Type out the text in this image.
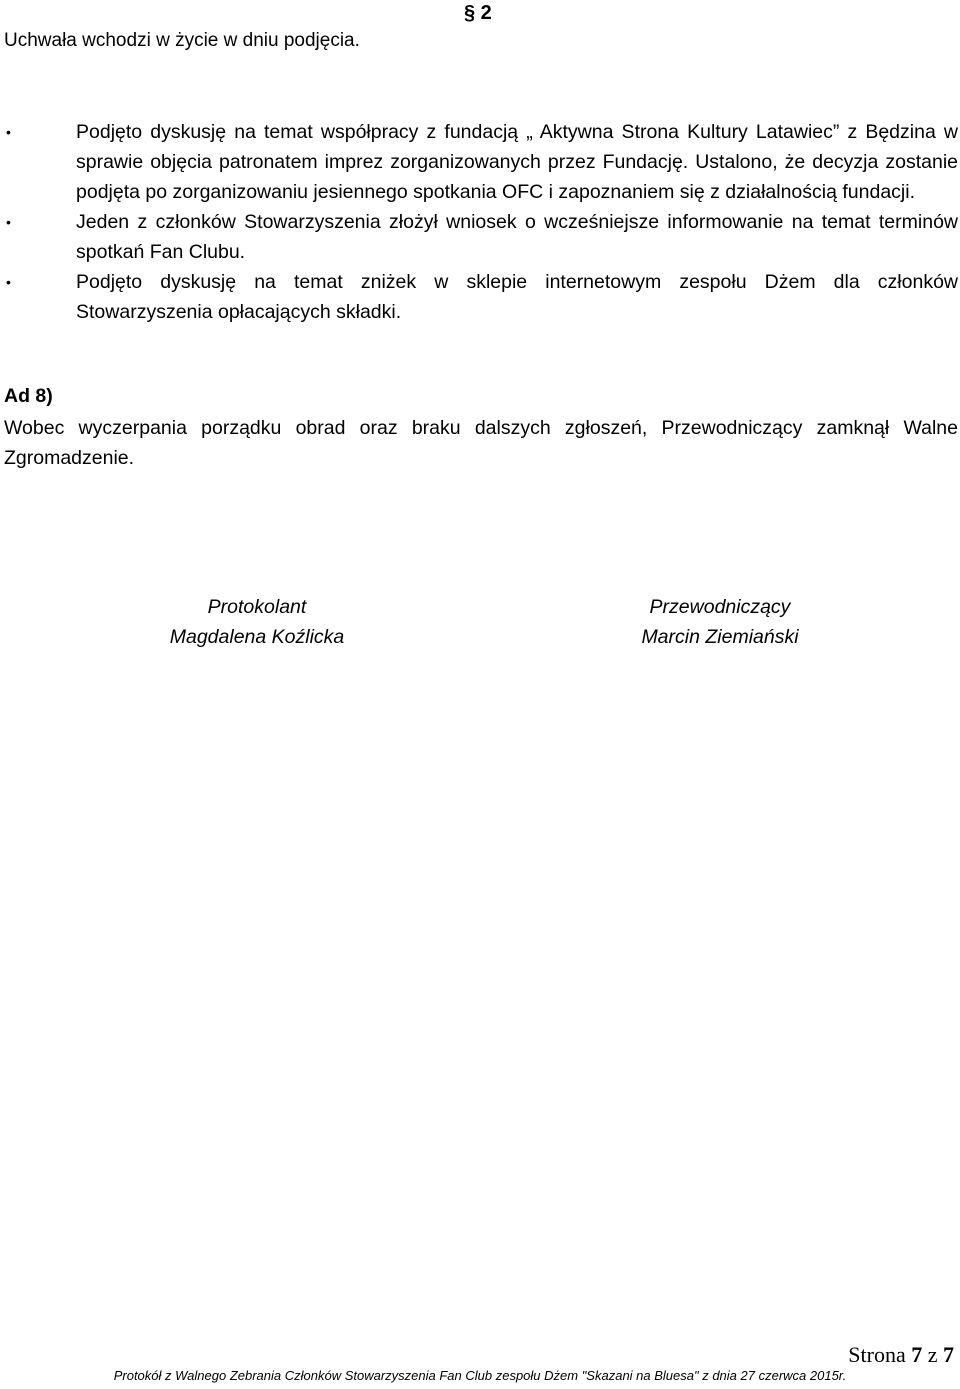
Uchwała wchodzi w życie w dniu podjęcia.
§ 2
•	Podjęto dyskusję na temat współpracy z fundacją „ Aktywna Strona Kultury Latawiec” z Będzina w sprawie objęcia patronatem imprez zorganizowanych przez Fundację. Ustalono, że decyzja zostanie podjęta po zorganizowaniu jesiennego spotkania OFC i zapoznaniem się z działalnością fundacji.
•	Jeden z członków Stowarzyszenia złożył wniosek o wcześniejsze informowanie na temat terminów spotkań Fan Clubu.
•	Podjęto dyskusję na temat zniżek w sklepie internetowym zespołu Dżem dla członków Stowarzyszenia opłacających składki.
Ad 8)
Wobec wyczerpania porządku obrad oraz braku dalszych zgłoszeń, Przewodniczący zamknął Walne Zgromadzenie.
Protokolant
Magdalena Koźlicka
Przewodniczący
Marcin Ziemiański
Strona 7 z 7
Protokół z Walnego Zebrania Członków Stowarzyszenia Fan Club zespołu Dżem "Skazani na Bluesa" z dnia 27 czerwca 2015r.
